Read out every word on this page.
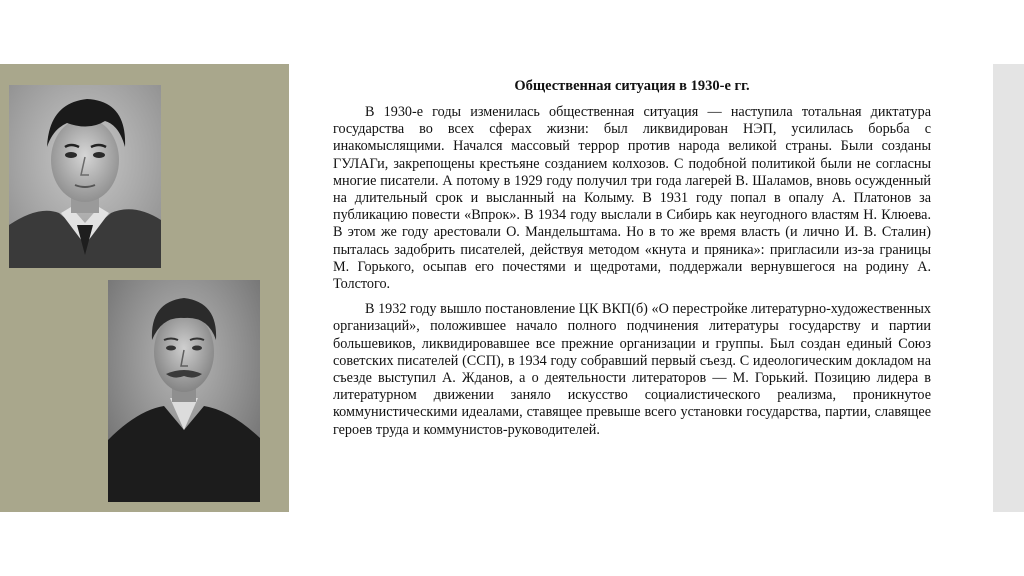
Общественная ситуация в 1930-е гг.

В 1930-е годы изменилась общественная ситуация — наступила тотальная диктатура государства во всех сферах жизни: был ликвидирован НЭП, усилилась борьба с инакомыслящими. Начался массовый террор против народа великой страны. Были созданы ГУЛАГи, закрепощены крестьяне созданием колхозов. С подобной политикой были не согласны многие писатели. А потому в 1929 году получил три года лагерей В. Шаламов, вновь осужденный на длительный срок и высланный на Колыму. В 1931 году попал в опалу А. Платонов за публикацию повести «Впрок». В 1934 году выслали в Сибирь как неугодного властям Н. Клюева. В этом же году арестовали О. Мандельштама. Но в то же время власть (и лично И. В. Сталин) пыталась задобрить писателей, действуя методом «кнута и пряника»: пригласили из-за границы М. Горького, осыпав его почестями и щедротами, поддержали вернувшегося на родину А. Толстого.

В 1932 году вышло постановление ЦК ВКП(б) «О перестройке литературно-художественных организаций», положившее начало полного подчинения литературы государству и партии большевиков, ликвидировавшее все прежние организации и группы. Был создан единый Союз советских писателей (ССП), в 1934 году собравший первый съезд. С идеологическим докладом на съезде выступил А. Жданов, а о деятельности литераторов — М. Горький. Позицию лидера в литературном движении заняло искусство социалистического реализма, проникнутое коммунистическими идеалами, ставящее превыше всего установки государства, партии, славящее героев труда и коммунистов-руководителей.
